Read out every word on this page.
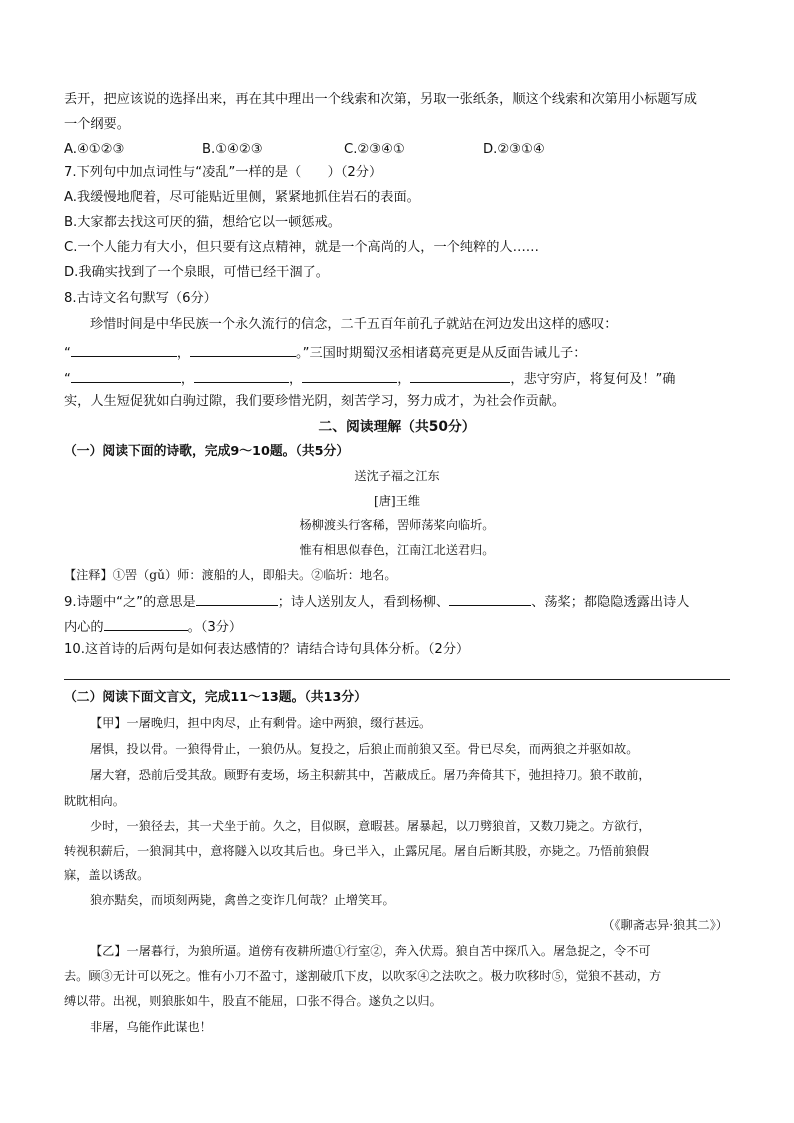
丢开，把应该说的选择出来，再在其中理出一个线索和次第，另取一张纸条，顺这个线索和次第用小标题写成
一个纲要。
A.④①②③	B.①④②③	C.②③④①	D.②③①④
7.下列句中加点词性与“凌乱”一样的是（　　）（2分）
A.我缓慢地爬着，尽可能贴近里侧，紧紧地抓住岩石的表面。
B.大家都去找这可厌的猫，想给它以一顿惩戒。
C.一个人能力有大小，但只要有这点精神，就是一个高尚的人，一个纯粹的人……
D.我确实找到了一个泉眼，可惜已经干涸了。
8.古诗文名句默写（6分）
珍惜时间是中华民族一个永久流行的信念，二千五百年前孔子就站在河边发出这样的感叹：
“	，	。”三国时期蜀汉丞相诸葛亮更是从反面告诫儿子：
“	，	，	，	，悲守穷庐，将复何及！”确
实，人生短促犹如白驹过隙，我们要珍惜光阴，刻苦学习，努力成才，为社会作贡献。
二、阅读理解（共50分）
（一）阅读下面的诗歌，完成9～10题。（共5分）
送沈子福之江东
[唐]王维
杨柳渡头行客稀，罟师荡桨向临圻。
惟有相思似春色，江南江北送君归。
【注释】①罟（gǔ）师：渡船的人，即船夫。②临圻：地名。
9.诗题中“之”的意思是	；诗人送别友人，看到杨柳、	、荡桨；都隐隐透露出诗人
内心的	。（3分）
10.这首诗的后两句是如何表达感情的？请结合诗句具体分析。（2分）
（二）阅读下面文言文，完成11～13题。（共13分）
【甲】一屠晚归，担中肉尽，止有剩骨。途中两狼，缀行甚远。
屠惧，投以骨。一狼得骨止，一狼仍从。复投之，后狼止而前狼又至。骨已尽矣，而两狼之并驱如故。
屠大窘，恐前后受其敌。顾野有麦场，场主积薪其中，苫蔽成丘。屠乃奔倚其下，弛担持刀。狼不敢前，
眈眈相向。
少时，一狼径去，其一犬坐于前。久之，目似瞑，意暇甚。屠暴起，以刀劈狼首，又数刀毙之。方欲行，
转视积薪后，一狼洞其中，意将隧入以攻其后也。身已半入，止露尻尾。屠自后断其股，亦毙之。乃悟前狼假
寐，盖以诱敌。
狼亦黠矣，而顷刻两毙，禽兽之变诈几何哉？止增笑耳。
（《聊斋志异·狼其二》）
【乙】一屠暮行，为狼所逼。道傍有夜耕所遗①行室②，奔入伏焉。狼自苫中探爪入。屠急捉之，令不可
去。顾③无计可以死之。惟有小刀不盈寸，遂割破爪下皮，以吹豕④之法吹之。极力吹移时⑤，觉狼不甚动，方
缚以带。出视，则狼胀如牛，股直不能屈，口张不得合。遂负之以归。
非屠，乌能作此谋也！
